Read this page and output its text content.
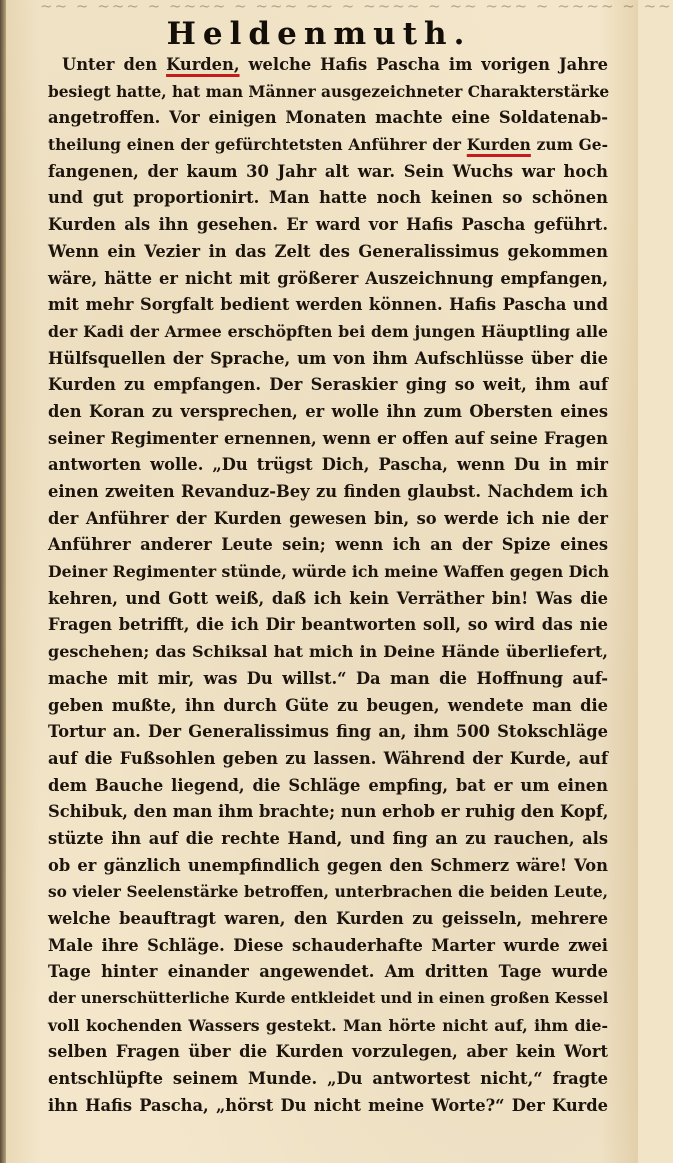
~~ ~ ~~~ ~ ~~~~ ~ ~~~ ~~ ~ ~~~~ ~ ~~ ~~~ ~ ~~~~ ~ ~~
Heldenmuth.
Unter den Kurden, welche Hafis Pascha im vorigen Jahre
besiegt hatte, hat man Männer ausgezeichneter Charakterstärke
angetroffen. Vor einigen Monaten machte eine Soldatenab-
theilung einen der gefürchtetsten Anführer der Kurden zum Ge-
fangenen, der kaum 30 Jahr alt war. Sein Wuchs war hoch
und gut proportionirt. Man hatte noch keinen so schönen
Kurden als ihn gesehen. Er ward vor Hafis Pascha geführt.
Wenn ein Vezier in das Zelt des Generalissimus gekommen
wäre, hätte er nicht mit größerer Auszeichnung empfangen,
mit mehr Sorgfalt bedient werden können. Hafis Pascha und
der Kadi der Armee erschöpften bei dem jungen Häuptling alle
Hülfsquellen der Sprache, um von ihm Aufschlüsse über die
Kurden zu empfangen. Der Seraskier ging so weit, ihm auf
den Koran zu versprechen, er wolle ihn zum Obersten eines
seiner Regimenter ernennen, wenn er offen auf seine Fragen
antworten wolle. „Du trügst Dich, Pascha, wenn Du in mir
einen zweiten Revanduz-Bey zu finden glaubst. Nachdem ich
der Anführer der Kurden gewesen bin, so werde ich nie der
Anführer anderer Leute sein; wenn ich an der Spize eines
Deiner Regimenter stünde, würde ich meine Waffen gegen Dich
kehren, und Gott weiß, daß ich kein Verräther bin! Was die
Fragen betrifft, die ich Dir beantworten soll, so wird das nie
geschehen; das Schiksal hat mich in Deine Hände überliefert,
mache mit mir, was Du willst.“ Da man die Hoffnung auf-
geben mußte, ihn durch Güte zu beugen, wendete man die
Tortur an. Der Generalissimus fing an, ihm 500 Stokschläge
auf die Fußsohlen geben zu lassen. Während der Kurde, auf
dem Bauche liegend, die Schläge empfing, bat er um einen
Schibuk, den man ihm brachte; nun erhob er ruhig den Kopf,
stüzte ihn auf die rechte Hand, und fing an zu rauchen, als
ob er gänzlich unempfindlich gegen den Schmerz wäre! Von
so vieler Seelenstärke betroffen, unterbrachen die beiden Leute,
welche beauftragt waren, den Kurden zu geisseln, mehrere
Male ihre Schläge. Diese schauderhafte Marter wurde zwei
Tage hinter einander angewendet. Am dritten Tage wurde
der unerschütterliche Kurde entkleidet und in einen großen Kessel
voll kochenden Wassers gestekt. Man hörte nicht auf, ihm die-
selben Fragen über die Kurden vorzulegen, aber kein Wort
entschlüpfte seinem Munde. „Du antwortest nicht,“ fragte
ihn Hafis Pascha, „hörst Du nicht meine Worte?“ Der Kurde
